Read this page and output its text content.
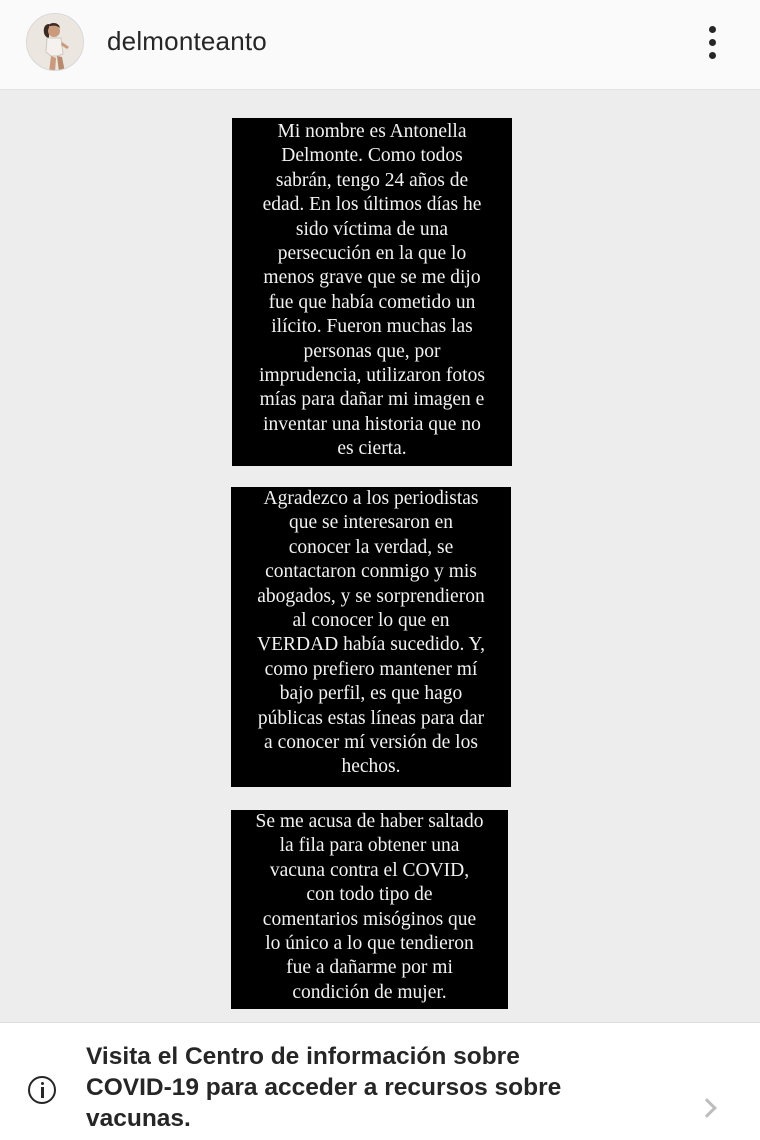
delmonteanto
Mi nombre es Antonella
Delmonte. Como todos
sabrán, tengo 24 años de
edad. En los últimos días he
sido víctima de una
persecución en la que lo
menos grave que se me dijo
fue que había cometido un
ilícito. Fueron muchas las
personas que, por
imprudencia, utilizaron fotos
mías para dañar mi imagen e
inventar una historia que no
es cierta.
Agradezco a los periodistas
que se interesaron en
conocer la verdad, se
contactaron conmigo y mis
abogados, y se sorprendieron
al conocer lo que en
VERDAD había sucedido. Y,
como prefiero mantener mí
bajo perfil, es que hago
públicas estas líneas para dar
a conocer mí versión de los
hechos.
Se me acusa de haber saltado
la fila para obtener una
vacuna contra el COVID,
con todo tipo de
comentarios misóginos que
lo único a lo que tendieron
fue a dañarme por mi
condición de mujer.
Visita el Centro de información sobre
COVID-19 para acceder a recursos sobre
vacunas.
